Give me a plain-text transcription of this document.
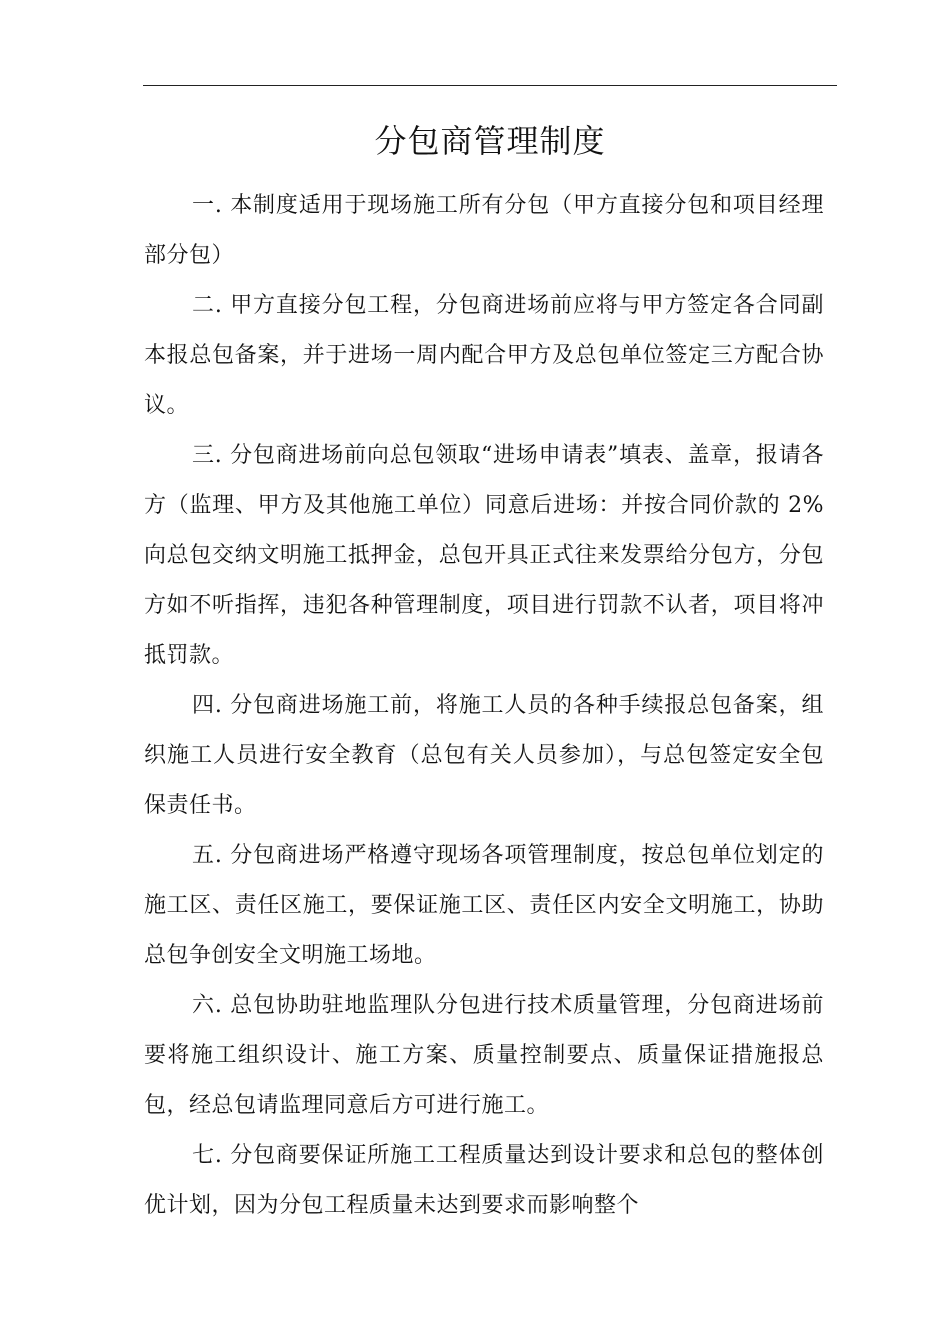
分包商管理制度

一. 本制度适用于现场施工所有分包（甲方直接分包和项目经理部分包）

二. 甲方直接分包工程，分包商进场前应将与甲方签定各合同副本报总包备案，并于进场一周内配合甲方及总包单位签定三方配合协议。

三. 分包商进场前向总包领取“进场申请表”填表、盖章，报请各方（监理、甲方及其他施工单位）同意后进场：并按合同价款的 2%向总包交纳文明施工抵押金，总包开具正式往来发票给分包方，分包方如不听指挥，违犯各种管理制度，项目进行罚款不认者，项目将冲抵罚款。

四. 分包商进场施工前，将施工人员的各种手续报总包备案，组织施工人员进行安全教育（总包有关人员参加），与总包签定安全包保责任书。

五. 分包商进场严格遵守现场各项管理制度，按总包单位划定的施工区、责任区施工，要保证施工区、责任区内安全文明施工，协助总包争创安全文明施工场地。

六. 总包协助驻地监理队分包进行技术质量管理，分包商进场前要将施工组织设计、施工方案、质量控制要点、质量保证措施报总包，经总包请监理同意后方可进行施工。

七. 分包商要保证所施工工程质量达到设计要求和总包的整体创优计划，因为分包工程质量未达到要求而影响整个
